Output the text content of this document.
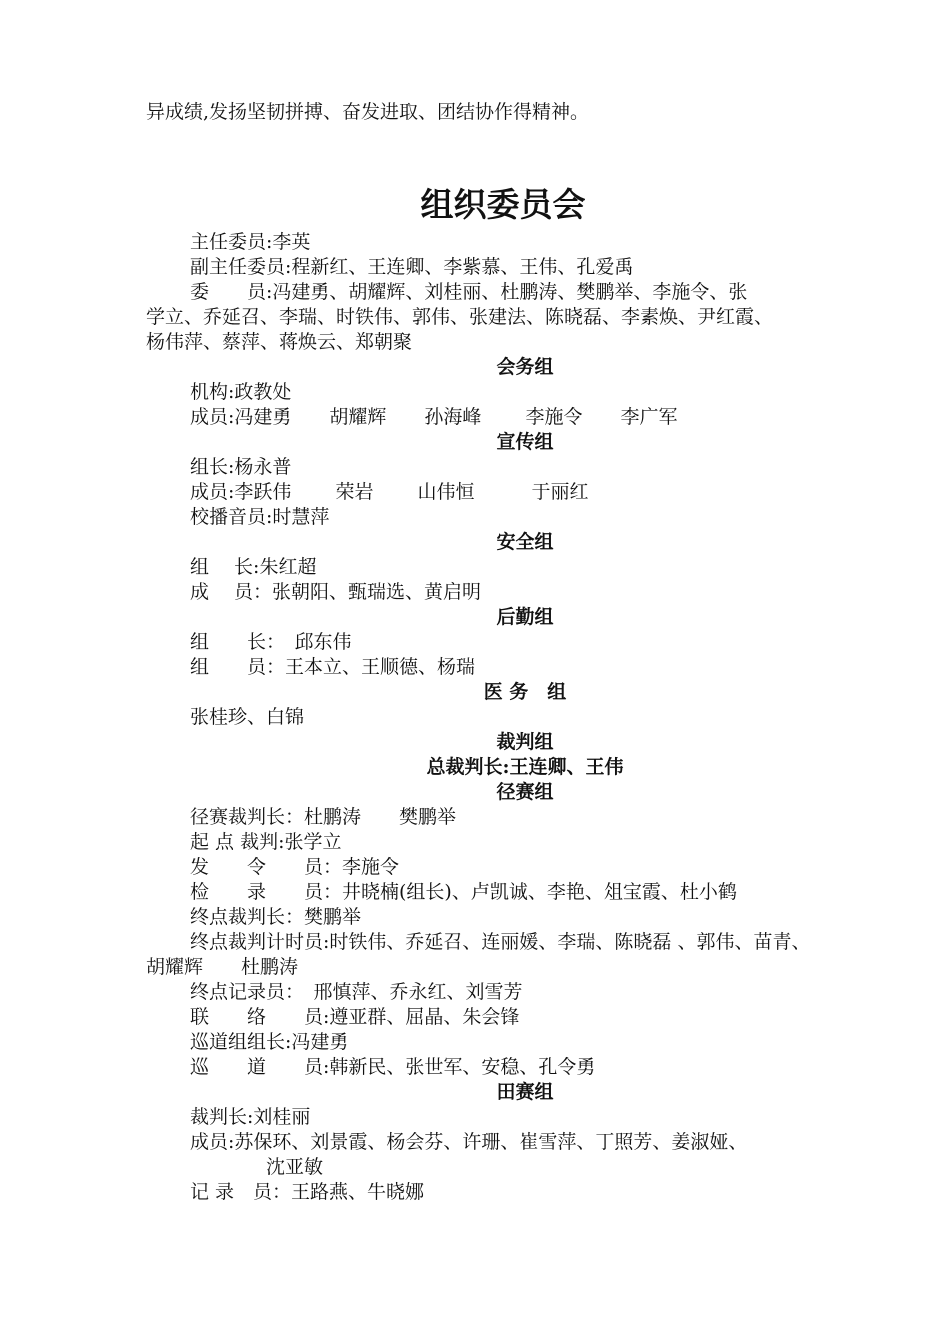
异成绩,发扬坚韧拼搏、奋发进取、团结协作得精神。
组织委员会
主任委员:李英
副主任委员:程新红、王连卿、李紫慕、王伟、孔爱禹
委　　员:冯建勇、胡耀辉、刘桂丽、杜鹏涛、樊鹏举、李施令、张
学立、乔延召、李瑞、时铁伟、郭伟、张建法、陈晓磊、李素焕、尹红霞、
杨伟萍、蔡萍、蒋焕云、郑朝聚
会务组
机构:政教处
成员:冯建勇　　胡耀辉　　孙海峰　　 李施令　　李广军
宣传组
组长:杨永普
成员:李跃伟　　 荣岩　　 山伟恒　　　于丽红
校播音员:时慧萍
安全组
组　 长:朱红超
成　 员：张朝阳、甄瑞选、黄启明
后勤组
组　　长：　邱东伟
组　　员：王本立、王顺德、杨瑞
医 务　组
张桂珍、白锦
裁判组
总裁判长:王连卿、王伟
径赛组
径赛裁判长：杜鹏涛　　樊鹏举
起 点 裁判:张学立
发　　令　　员：李施令
检　　录　　员：井晓楠(组长)、卢凯诚、李艳、俎宝霞、杜小鹤
终点裁判长：樊鹏举
终点裁判计时员:时铁伟、乔延召、连丽媛、李瑞、陈晓磊 、郭伟、苗青、
胡耀辉　　杜鹏涛
终点记录员：　邢慎萍、乔永红、刘雪芳
联　　络　　员:遵亚群、屈晶、朱会锋
巡道组组长:冯建勇
巡　　道　　员:韩新民、张世军、安稳、孔令勇
田赛组
裁判长:刘桂丽
成员:苏保环、刘景霞、杨会芬、许珊、崔雪萍、丁照芳、姜淑娅、
沈亚敏
记 录　员：王路燕、牛晓娜
